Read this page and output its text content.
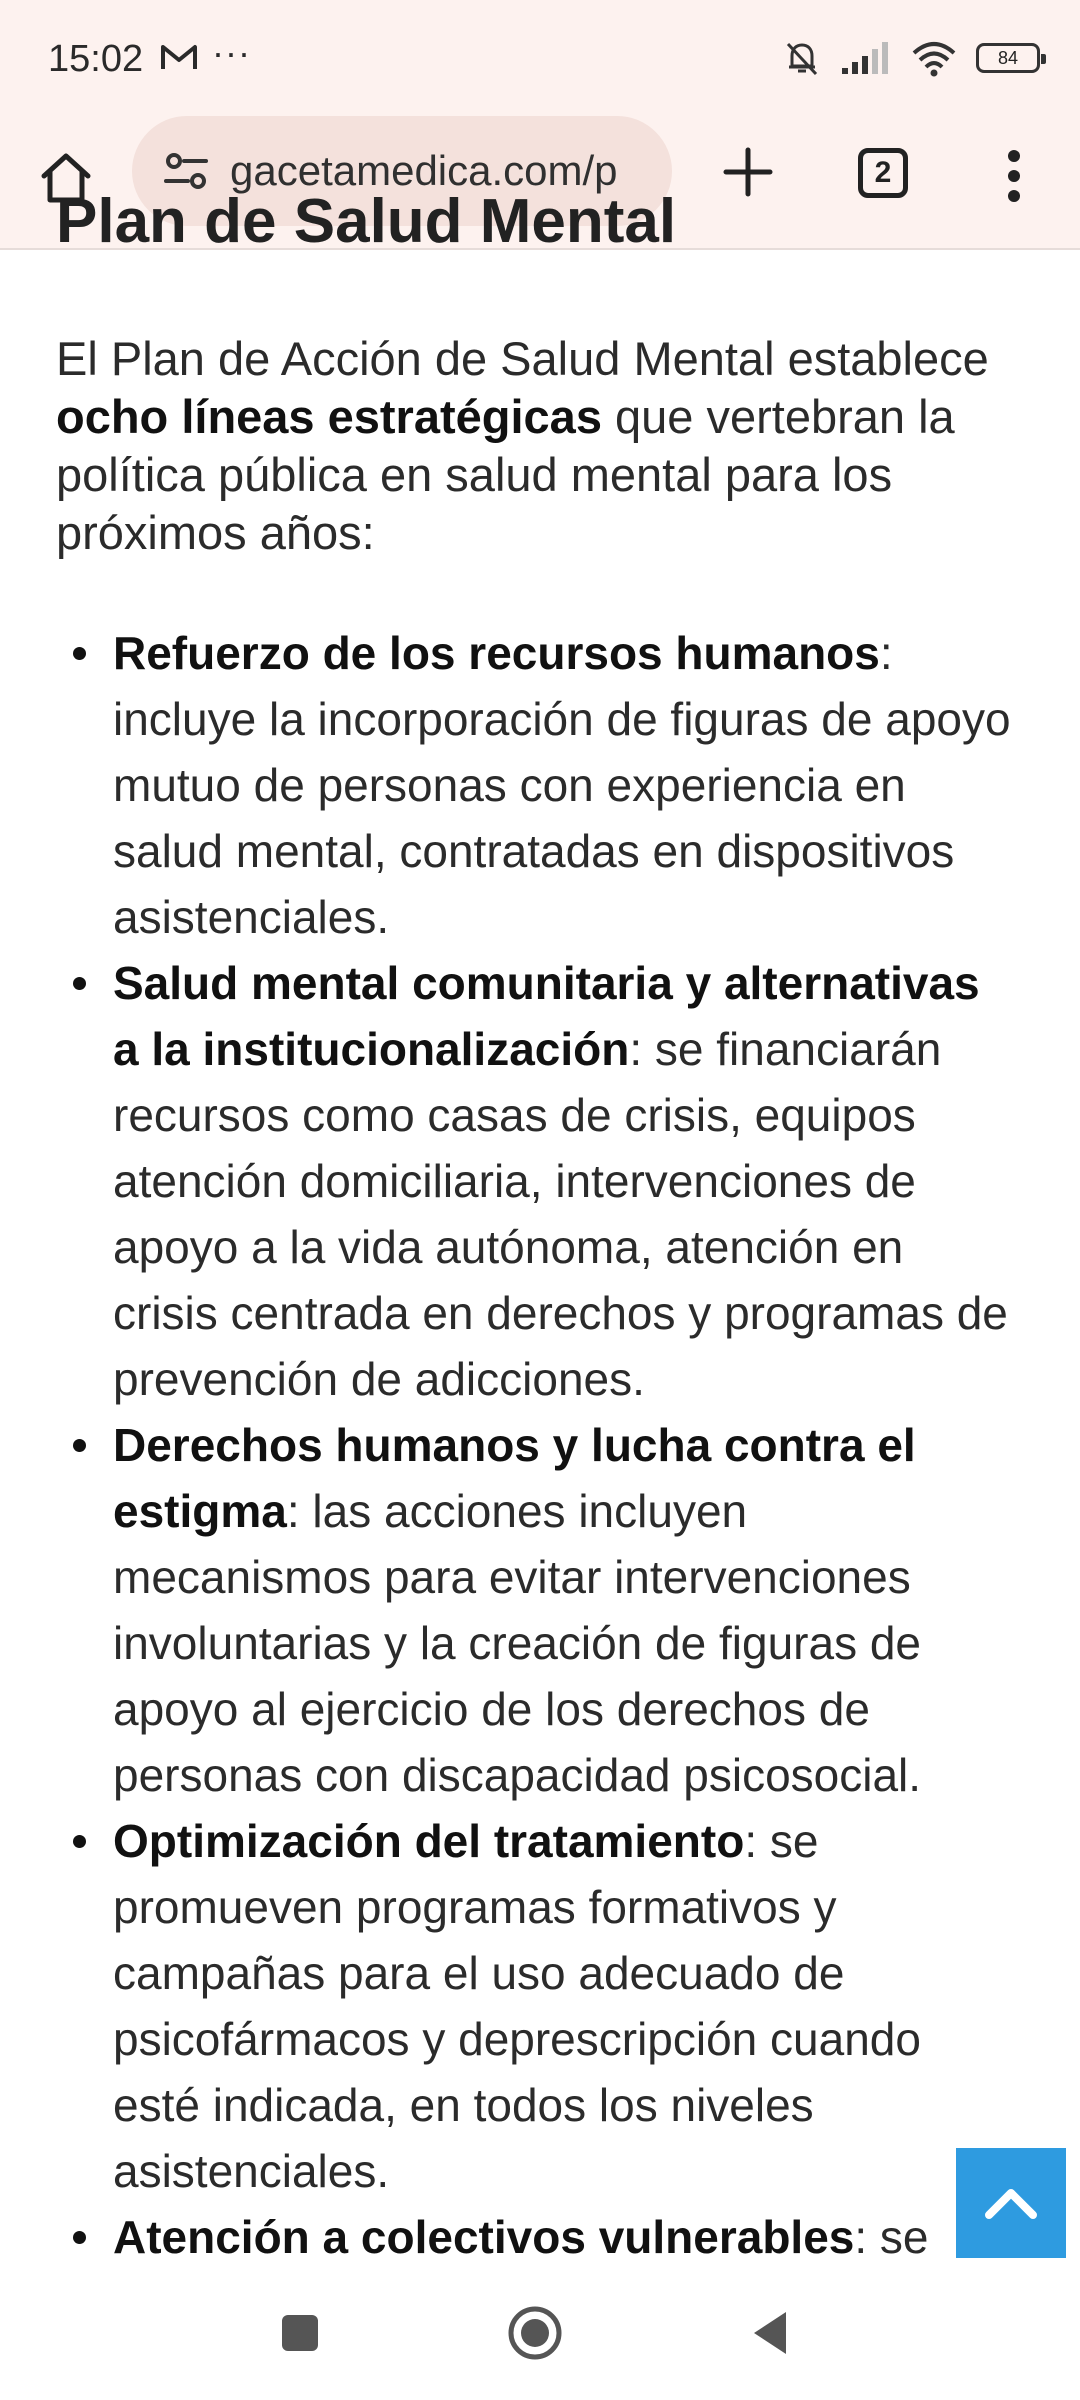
15:02 ···	84
gacetamedica.com/p	2
Plan de Salud Mental

El Plan de Acción de Salud Mental establece ocho líneas estratégicas que vertebran la política pública en salud mental para los próximos años:

Refuerzo de los recursos humanos: incluye la incorporación de figuras de apoyo mutuo de personas con experiencia en salud mental, contratadas en dispositivos asistenciales.
Salud mental comunitaria y alternativas a la institucionalización: se financiarán recursos como casas de crisis, equipos atención domiciliaria, intervenciones de apoyo a la vida autónoma, atención en crisis centrada en derechos y programas de prevención de adicciones.
Derechos humanos y lucha contra el estigma: las acciones incluyen mecanismos para evitar intervenciones involuntarias y la creación de figuras de apoyo al ejercicio de los derechos de personas con discapacidad psicosocial.
Optimización del tratamiento: se promueven programas formativos y campañas para el uso adecuado de psicofármacos y deprescripción cuando esté indicada, en todos los niveles asistenciales.
Atención a colectivos vulnerables: se
